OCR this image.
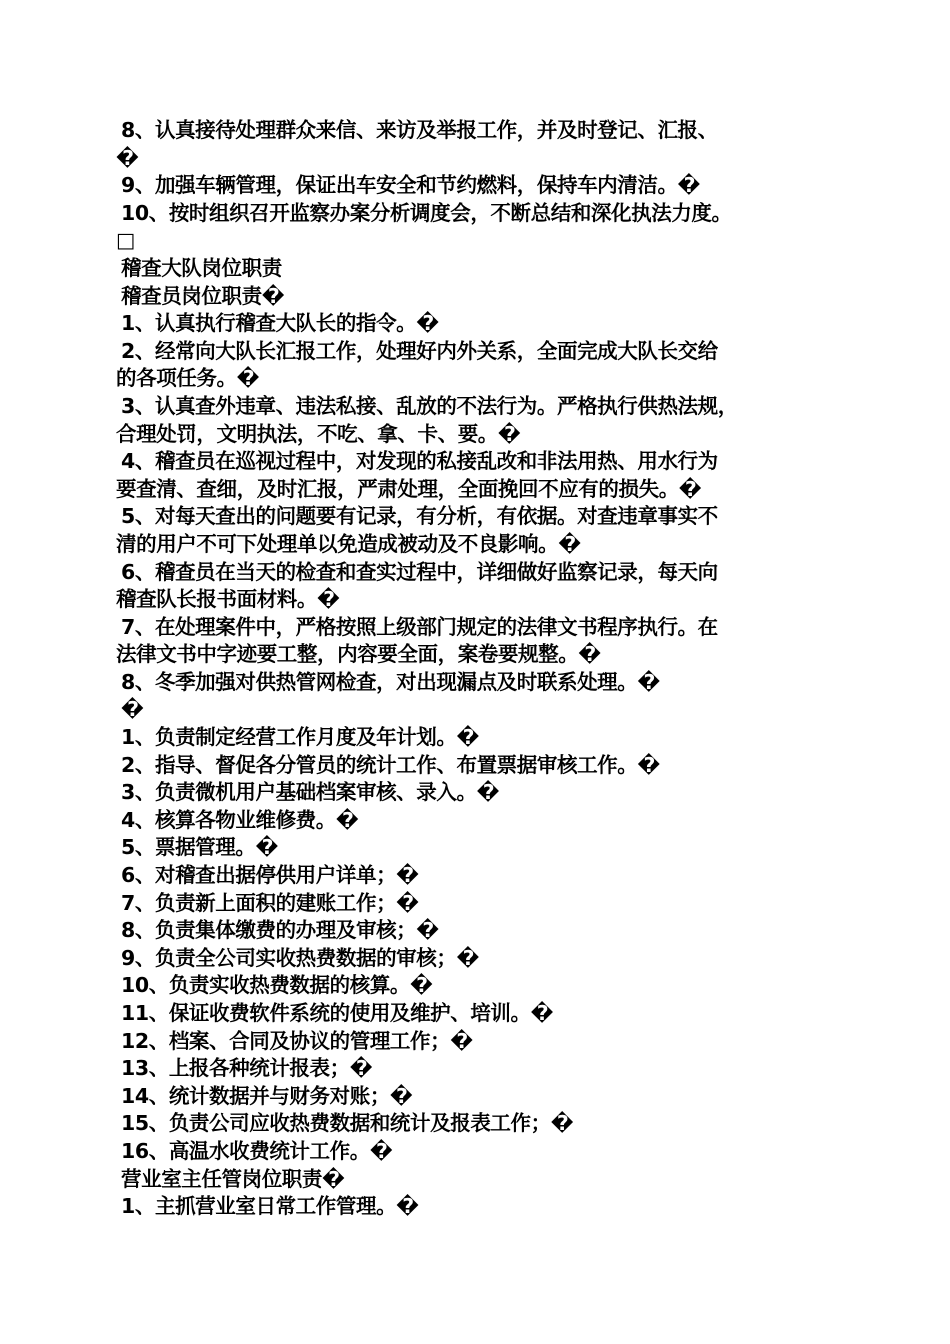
8、认真接待处理群众来信、来访及举报工作，并及时登记、汇报、
�
9、加强车辆管理，保证出车安全和节约燃料，保持车内清洁。�
10、按时组织召开监察办案分析调度会，不断总结和深化执法力度。
□
稽查大队岗位职责
稽查员岗位职责�
1、认真执行稽查大队长的指令。�
2、经常向大队长汇报工作，处理好内外关系，全面完成大队长交给
的各项任务。�
3、认真查外违章、违法私接、乱放的不法行为。严格执行供热法规，
合理处罚，文明执法，不吃、拿、卡、要。�
4、稽查员在巡视过程中，对发现的私接乱改和非法用热、用水行为
要查清、查细，及时汇报，严肃处理，全面挽回不应有的损失。�
5、对每天查出的问题要有记录，有分析，有依据。对查违章事实不
清的用户不可下处理单以免造成被动及不良影响。�
6、稽查员在当天的检查和查实过程中，详细做好监察记录，每天向
稽查队长报书面材料。�
7、在处理案件中，严格按照上级部门规定的法律文书程序执行。在
法律文书中字迹要工整，内容要全面，案卷要规整。�
8、冬季加强对供热管网检查，对出现漏点及时联系处理。�
�
1、负责制定经营工作月度及年计划。�
2、指导、督促各分管员的统计工作、布置票据审核工作。�
3、负责微机用户基础档案审核、录入。�
4、核算各物业维修费。�
5、票据管理。�
6、对稽查出据停供用户详单；�
7、负责新上面积的建账工作；�
8、负责集体缴费的办理及审核；�
9、负责全公司实收热费数据的审核；�
10、负责实收热费数据的核算。�
11、保证收费软件系统的使用及维护、培训。�
12、档案、合同及协议的管理工作；�
13、上报各种统计报表；�
14、统计数据并与财务对账；�
15、负责公司应收热费数据和统计及报表工作；�
16、高温水收费统计工作。�
营业室主任管岗位职责�
1、主抓营业室日常工作管理。�
